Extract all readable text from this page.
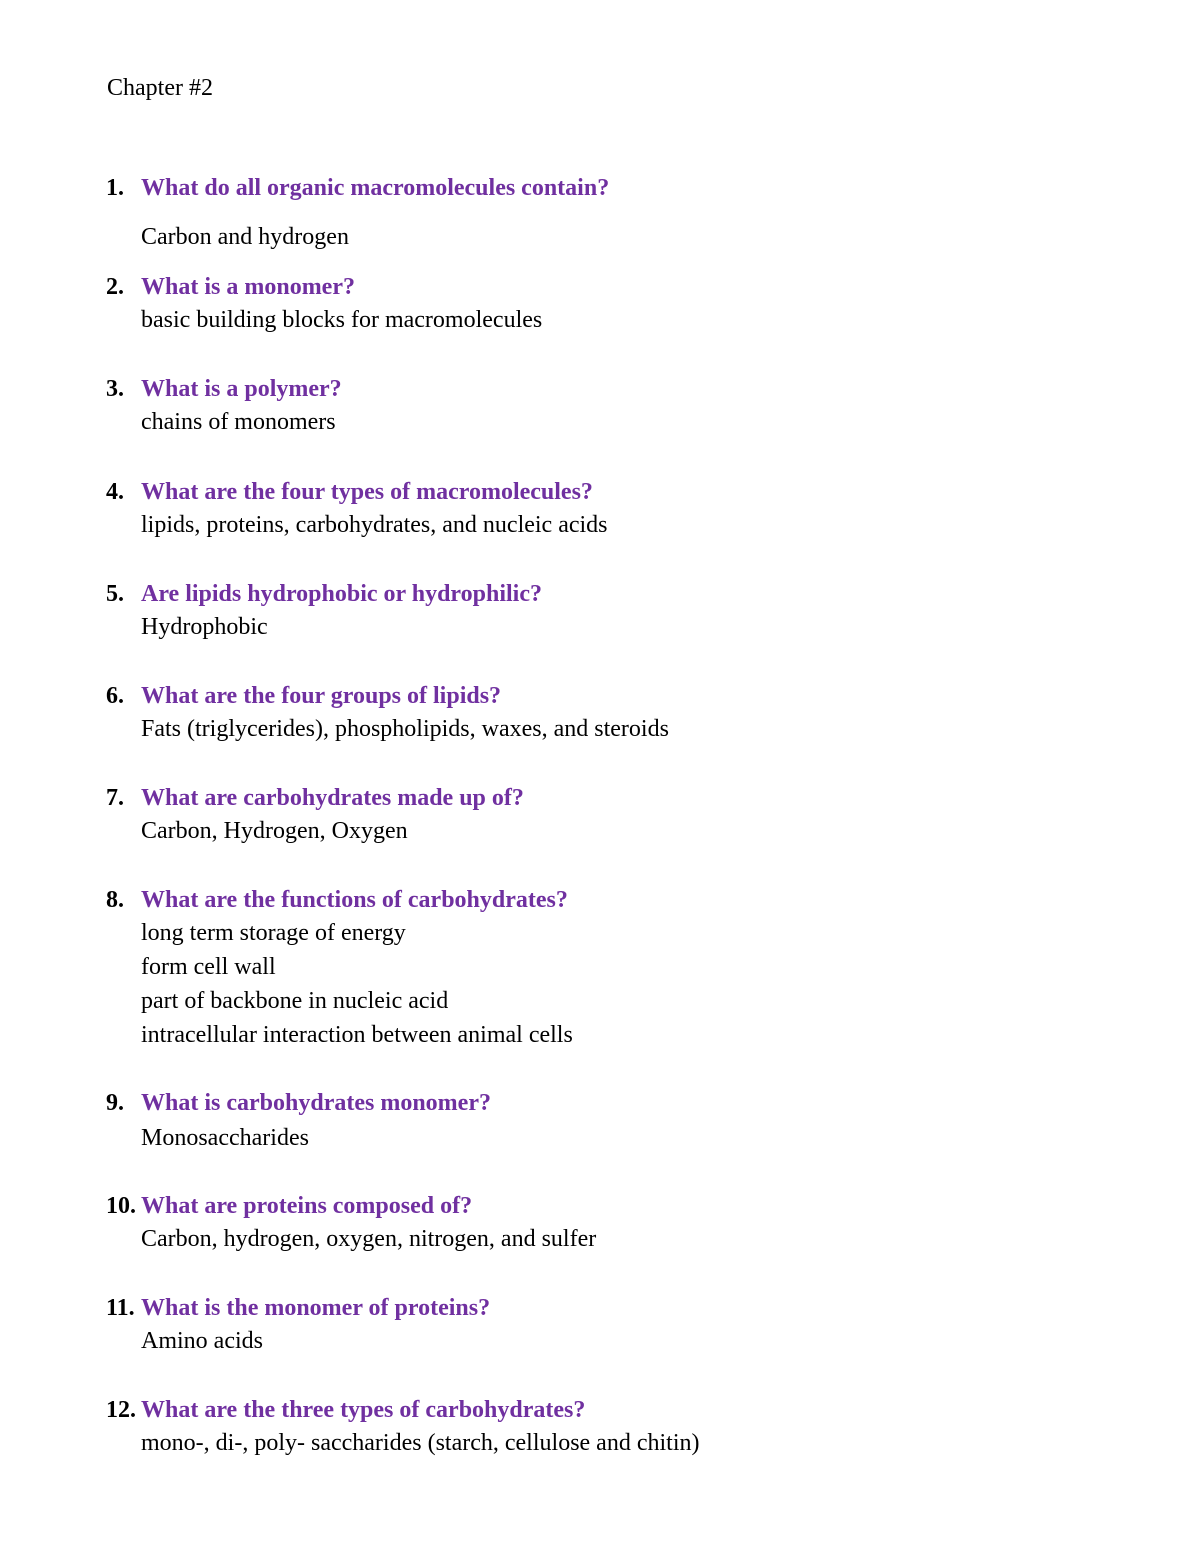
Chapter #2
1. What do all organic macromolecules contain?
Carbon and hydrogen
2. What is a monomer?
basic building blocks for macromolecules
3. What is a polymer?
chains of monomers
4. What are the four types of macromolecules?
lipids, proteins, carbohydrates, and nucleic acids
5. Are lipids hydrophobic or hydrophilic?
Hydrophobic
6. What are the four groups of lipids?
Fats (triglycerides), phospholipids, waxes, and steroids
7. What are carbohydrates made up of?
Carbon, Hydrogen, Oxygen
8. What are the functions of carbohydrates?
long term storage of energy
form cell wall
part of backbone in nucleic acid
intracellular interaction between animal cells
9. What is carbohydrates monomer?
Monosaccharides
10. What are proteins composed of?
Carbon, hydrogen, oxygen, nitrogen, and sulfer
11. What is the monomer of proteins?
Amino acids
12. What are the three types of carbohydrates?
mono-, di-, poly- saccharides (starch, cellulose and chitin)
